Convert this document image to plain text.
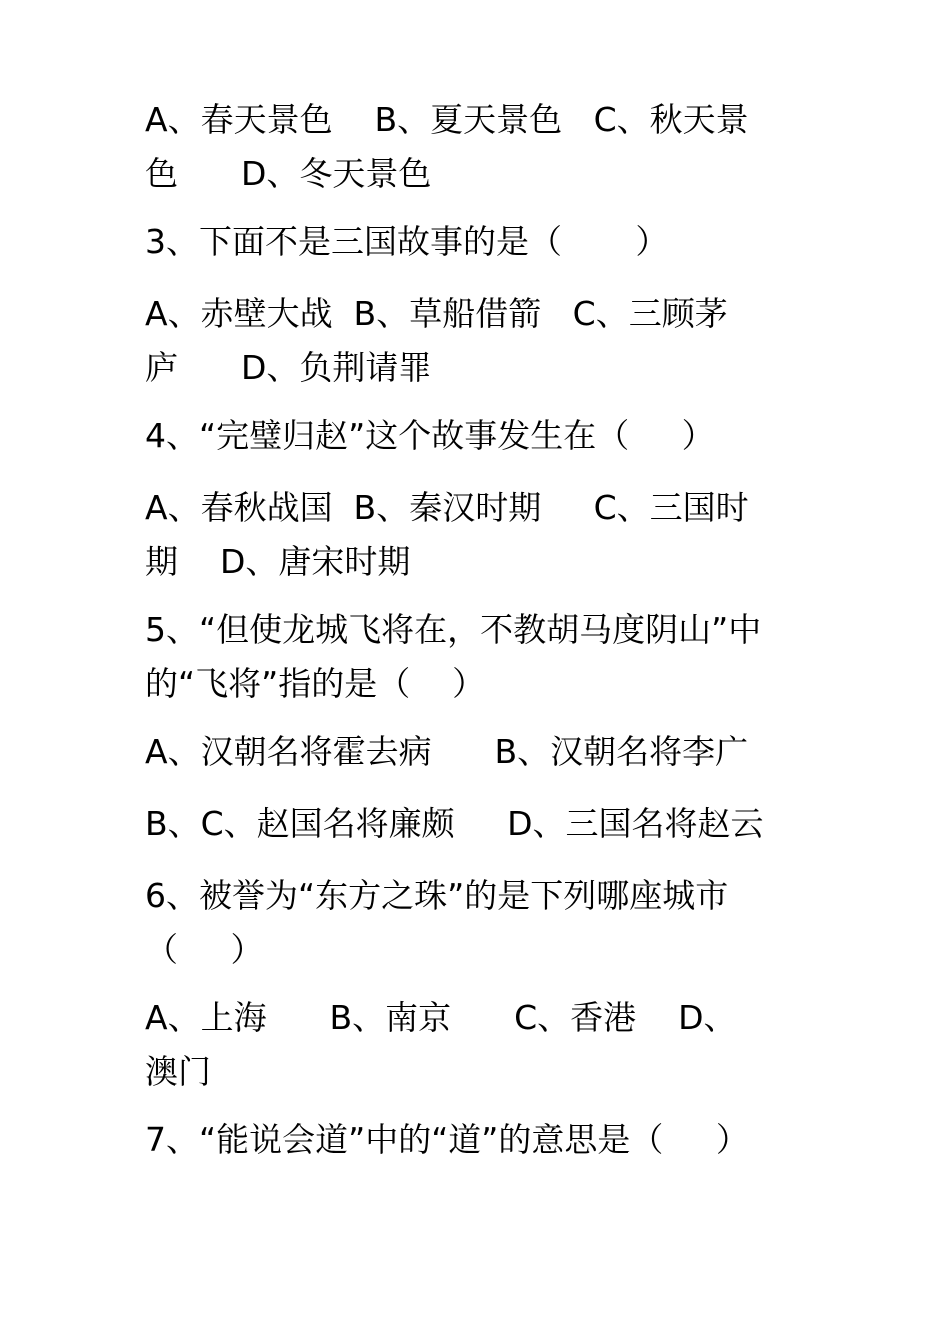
A、春天景色    B、夏天景色   C、秋天景
色      D、冬天景色
3、下面不是三国故事的是（       ）
A、赤壁大战  B、草船借箭   C、三顾茅
庐      D、负荆请罪
4、“完璧归赵”这个故事发生在（     ）
A、春秋战国  B、秦汉时期     C、三国时
期    D、唐宋时期
5、“但使龙城飞将在，不教胡马度阴山”中
的“飞将”指的是（    ）
A、汉朝名将霍去病      B、汉朝名将李广
B、C、赵国名将廉颇     D、三国名将赵云
6、被誉为“东方之珠”的是下列哪座城市
（     ）
A、上海      B、南京      C、香港    D、
澳门
7、“能说会道”中的“道”的意思是（     ）
